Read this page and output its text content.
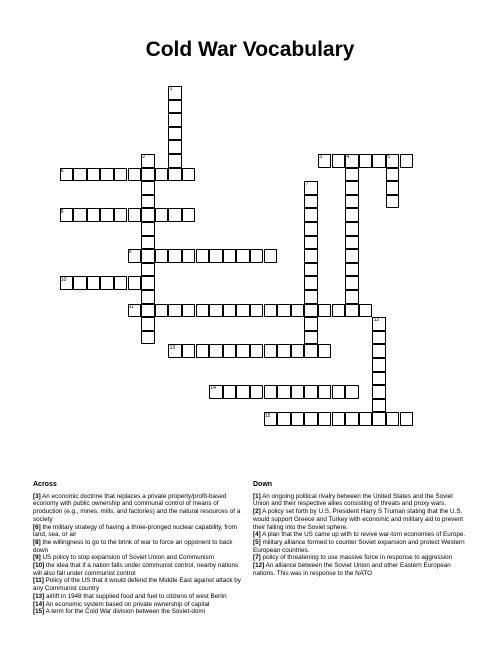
Cold War Vocabulary
1
2	3	4	5
6
7
8
9
10
11
12
13
14
15
Across

[3] An economic doctrine that replaces a private property/profit-based economy with public ownership and communal control of means of production (e.g., mines, mills, and factories) and the natural resources of a society

[6] the military strategy of having a three-pronged nuclear capability, from land, sea, or air

[8] the willingness to go to the brink of war to force an opponent to back down

[9] US policy to stop expansion of Soviet Union and Communism

[10] the idea that if a nation falls under communist control, nearby nations will also fall under communist control

[11] Policy of the US that it would defend the Middle East against attack by any Communist country

[13] airlift in 1948 that supplied food and fuel to citizens of west Berlin

[14] An economic system based on private ownership of capital

[15] A term for the Cold War division between the Soviet-domi

Down

[1] An ongoing political rivalry between the United States and the Soviet Union and their respective allies consisting of threats and proxy wars.

[2] A policy set forth by U.S. President Harry S Truman stating that the U.S. would support Greece and Turkey with economic and military aid to prevent their falling into the Soviet sphere.

[4] A plan that the US came up with to revive war-torn economies of Europe.

[5] military alliance formed to counter Soviet expansion and protect Western European countries.

[7] policy of threatening to use massive force in response to aggression

[12] An alliance between the Soviet Union and other Eastern European nations. This was in response to the NATO
